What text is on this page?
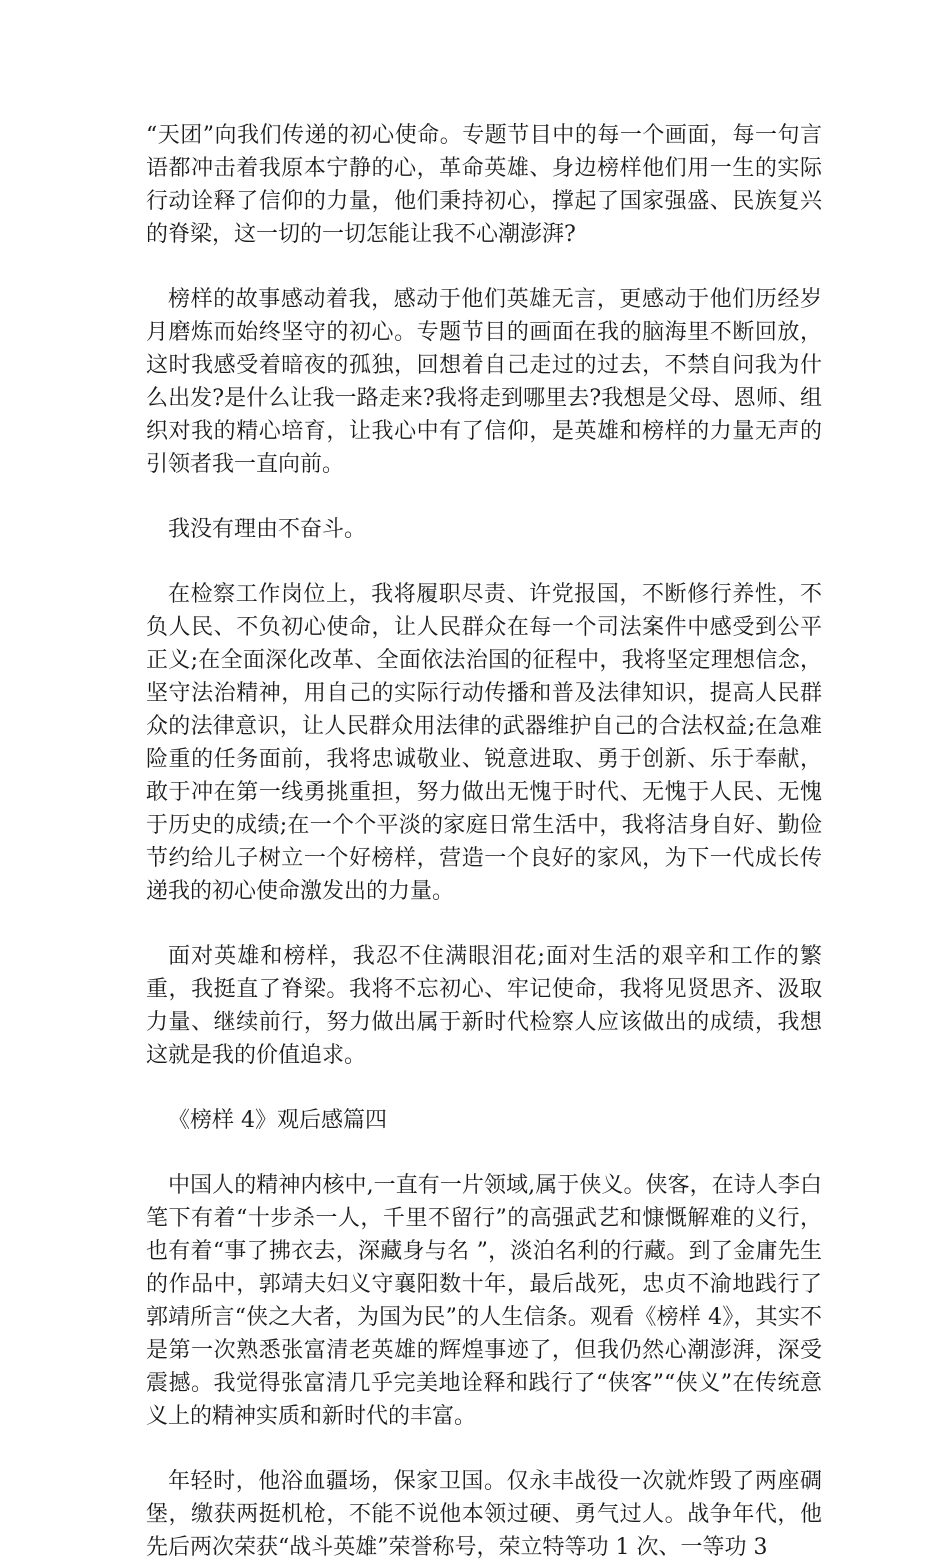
“天团”向我们传递的初心使命。专题节目中的每一个画面，每一句言语都冲击着我原本宁静的心，革命英雄、身边榜样他们用一生的实际行动诠释了信仰的力量，他们秉持初心，撑起了国家强盛、民族复兴的脊梁，这一切的一切怎能让我不心潮澎湃?

榜样的故事感动着我，感动于他们英雄无言，更感动于他们历经岁月磨炼而始终坚守的初心。专题节目的画面在我的脑海里不断回放，这时我感受着暗夜的孤独，回想着自己走过的过去，不禁自问我为什么出发?是什么让我一路走来?我将走到哪里去?我想是父母、恩师、组织对我的精心培育，让我心中有了信仰，是英雄和榜样的力量无声的引领者我一直向前。

我没有理由不奋斗。

在检察工作岗位上，我将履职尽责、许党报国，不断修行养性，不负人民、不负初心使命，让人民群众在每一个司法案件中感受到公平正义;在全面深化改革、全面依法治国的征程中，我将坚定理想信念，坚守法治精神，用自己的实际行动传播和普及法律知识，提高人民群众的法律意识，让人民群众用法律的武器维护自己的合法权益;在急难险重的任务面前，我将忠诚敬业、锐意进取、勇于创新、乐于奉献，敢于冲在第一线勇挑重担，努力做出无愧于时代、无愧于人民、无愧于历史的成绩;在一个个平淡的家庭日常生活中，我将洁身自好、勤俭节约给儿子树立一个好榜样，营造一个良好的家风，为下一代成长传递我的初心使命激发出的力量。

面对英雄和榜样，我忍不住满眼泪花;面对生活的艰辛和工作的繁重，我挺直了脊梁。我将不忘初心、牢记使命，我将见贤思齐、汲取力量、继续前行，努力做出属于新时代检察人应该做出的成绩，我想这就是我的价值追求。

《榜样 4》观后感篇四

中国人的精神内核中,一直有一片领域,属于侠义。侠客，在诗人李白笔下有着“十步杀一人，千里不留行”的高强武艺和慷慨解难的义行，也有着“事了拂衣去，深藏身与名 ”，淡泊名利的行藏。到了金庸先生的作品中，郭靖夫妇义守襄阳数十年，最后战死，忠贞不渝地践行了郭靖所言“侠之大者，为国为民”的人生信条。观看《榜样 4》，其实不是第一次熟悉张富清老英雄的辉煌事迹了，但我仍然心潮澎湃，深受震撼。我觉得张富清几乎完美地诠释和践行了“侠客”“侠义”在传统意义上的精神实质和新时代的丰富。

年轻时，他浴血疆场，保家卫国。仅永丰战役一次就炸毁了两座碉堡，缴获两挺机枪，不能不说他本领过硬、勇气过人。战争年代，他先后两次荣获“战斗英雄”荣誉称号，荣立特等功 1 次、一等功 3
